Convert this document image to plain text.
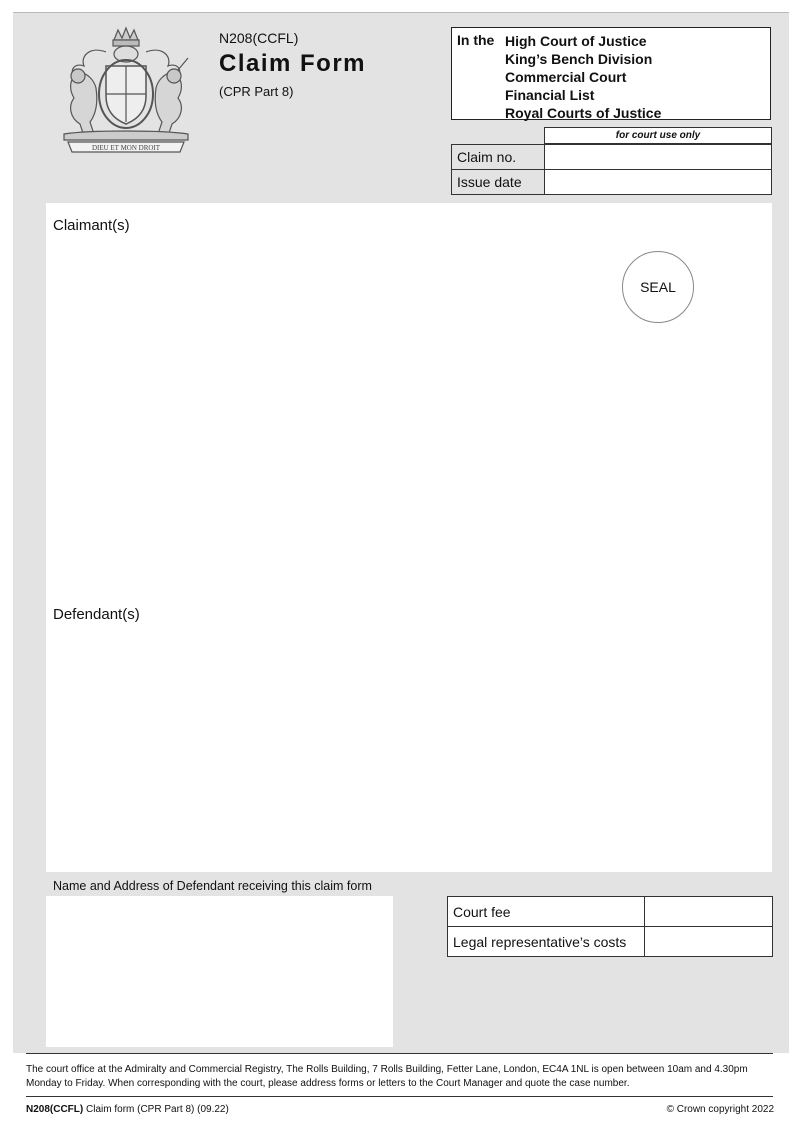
DIEU ET MON DROIT
N208(CCFL)
Claim Form
(CPR Part 8)
In the High Court of Justice
King’s Bench Division
Commercial Court
Financial List
Royal Courts of Justice
for court use only
Claim no.	
Issue date	
Claimant(s)
SEAL
Defendant(s)
Name and Address of Defendant receiving this claim form
Court fee	
Legal representative’s costs	
The court office at the Admiralty and Commercial Registry, The Rolls Building, 7 Rolls Building, Fetter Lane, London, EC4A 1NL is open between 10am and 4.30pm Monday to Friday. When corresponding with the court, please address forms or letters to the Court Manager and quote the case number.
N208(CCFL) Claim form (CPR Part 8) (09.22)	© Crown copyright 2022
